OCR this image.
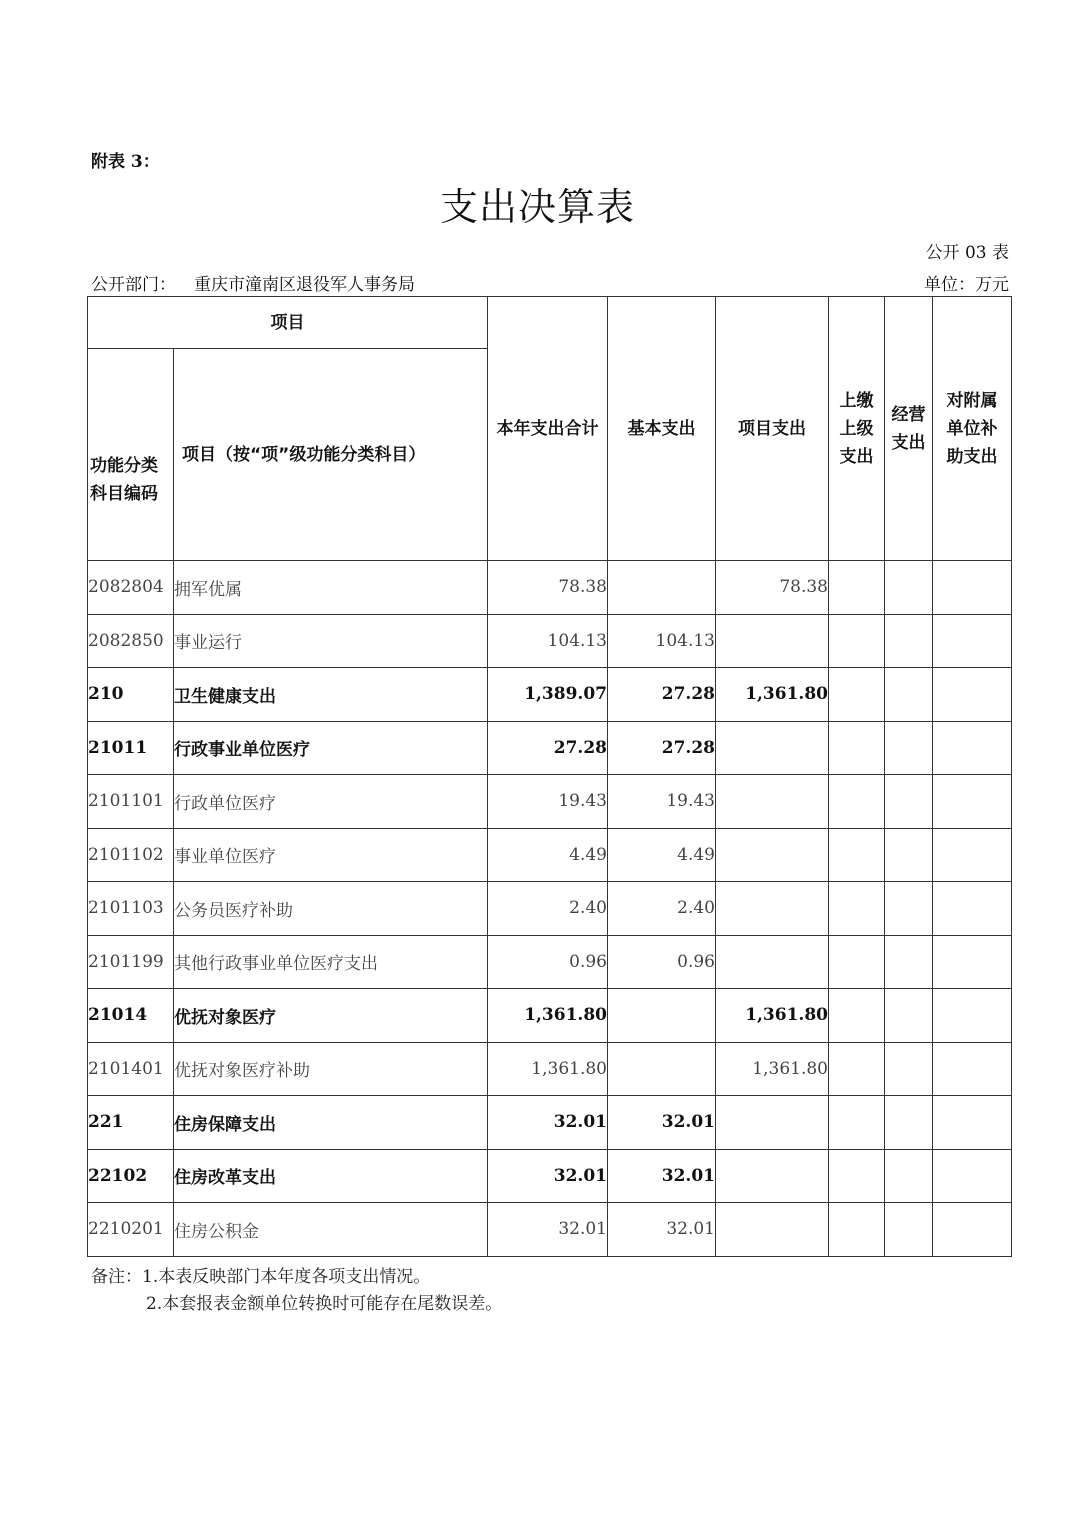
附表 3：
支出决算表
公开 03 表
公开部门： 重庆市潼南区退役军人事务局	单位：万元
项目		本年支出合计	基本支出	项目支出	上缴上级支出	经营支出	对附属单位补助支出
功能分类科目编码	项目（按“项”级功能分类科目）						
2082804	拥军优属	78.38		78.38			
2082850	事业运行	104.13	104.13				
210	卫生健康支出	1,389.07	27.28	1,361.80			
21011	行政事业单位医疗	27.28	27.28				
2101101	行政单位医疗	19.43	19.43				
2101102	事业单位医疗	4.49	4.49				
2101103	公务员医疗补助	2.40	2.40				
2101199	其他行政事业单位医疗支出	0.96	0.96				
21014	优抚对象医疗	1,361.80		1,361.80			
2101401	优抚对象医疗补助	1,361.80		1,361.80			
221	住房保障支出	32.01	32.01				
22102	住房改革支出	32.01	32.01				
2210201	住房公积金	32.01	32.01				
备注：1.本表反映部门本年度各项支出情况。
2.本套报表金额单位转换时可能存在尾数误差。
